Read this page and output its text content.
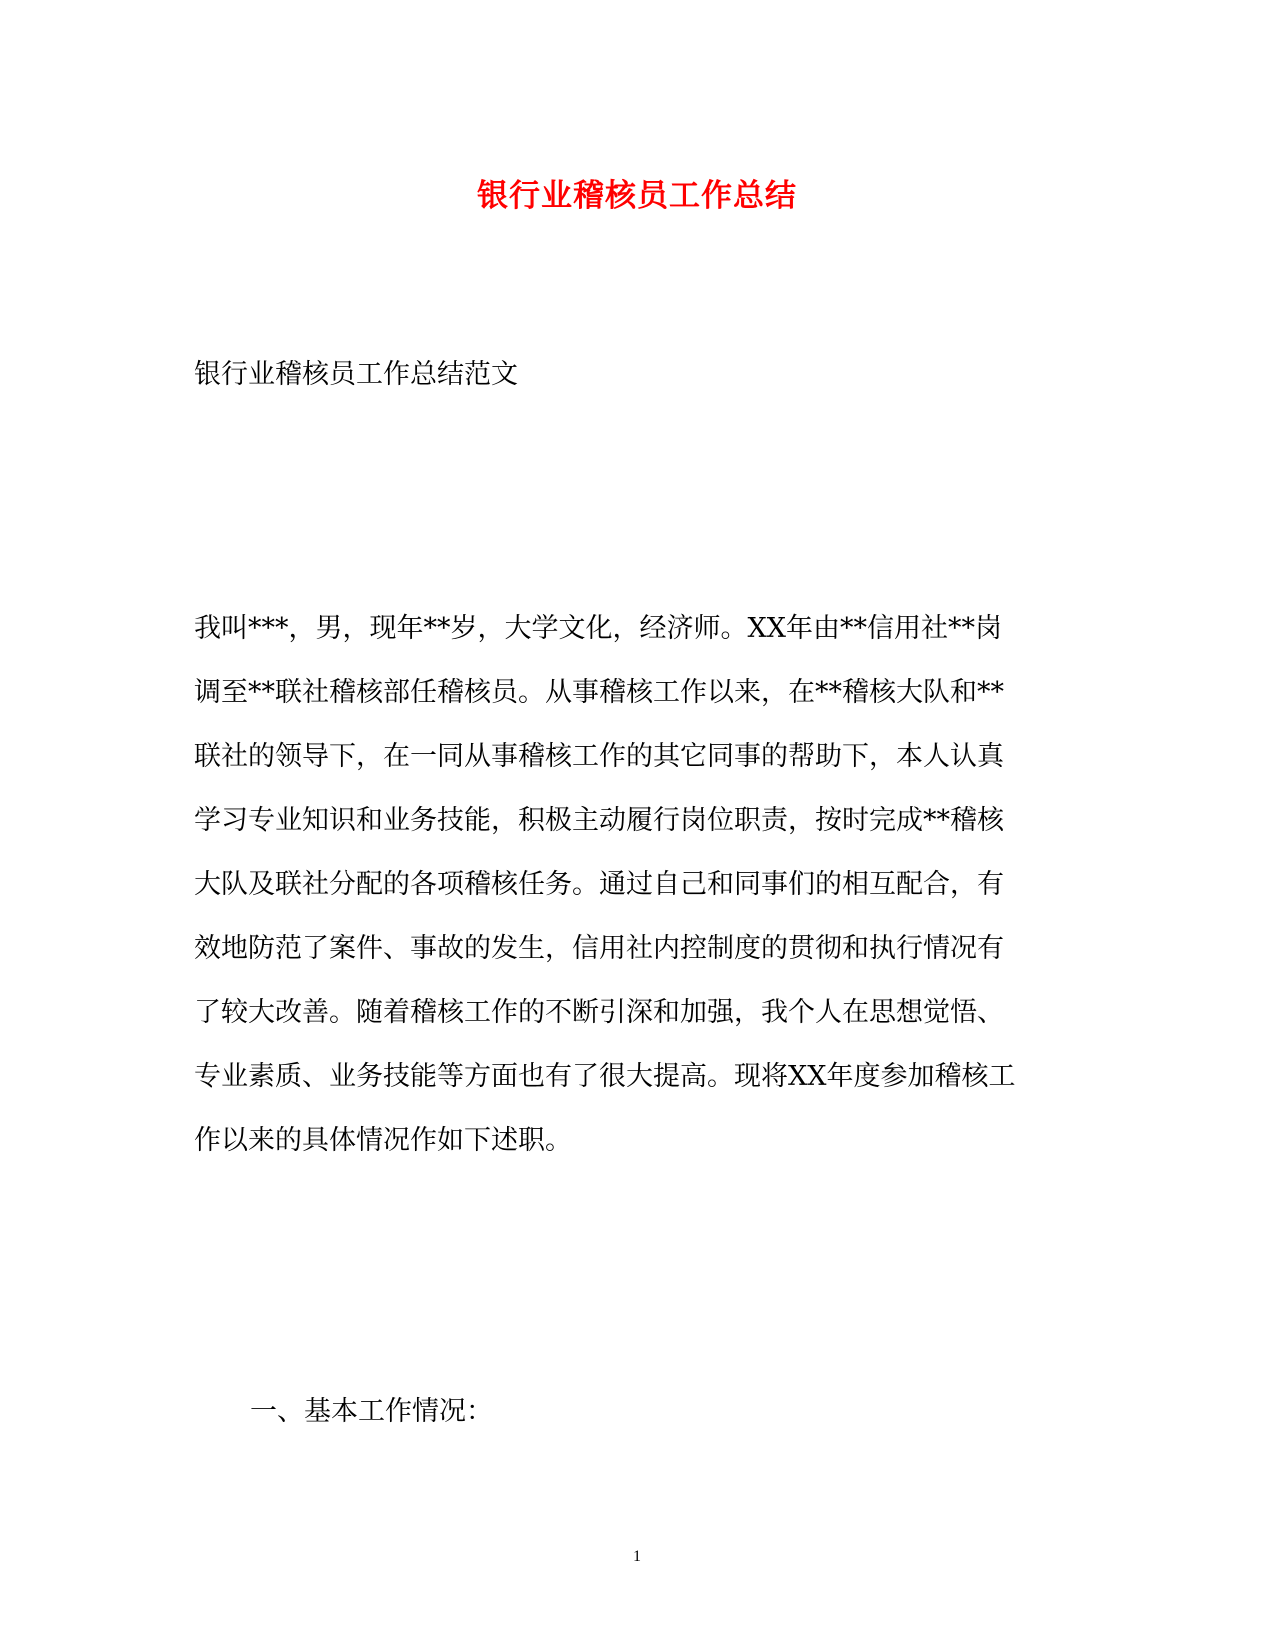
银行业稽核员工作总结
银行业稽核员工作总结范文
我叫***，男，现年**岁，大学文化，经济师。XX年由**信用社**岗
调至**联社稽核部任稽核员。从事稽核工作以来，在**稽核大队和**
联社的领导下，在一同从事稽核工作的其它同事的帮助下，本人认真
学习专业知识和业务技能，积极主动履行岗位职责，按时完成**稽核
大队及联社分配的各项稽核任务。通过自己和同事们的相互配合，有
效地防范了案件、事故的发生，信用社内控制度的贯彻和执行情况有
了较大改善。随着稽核工作的不断引深和加强，我个人在思想觉悟、
专业素质、业务技能等方面也有了很大提高。现将XX年度参加稽核工
作以来的具体情况作如下述职。
一、基本工作情况：
1
